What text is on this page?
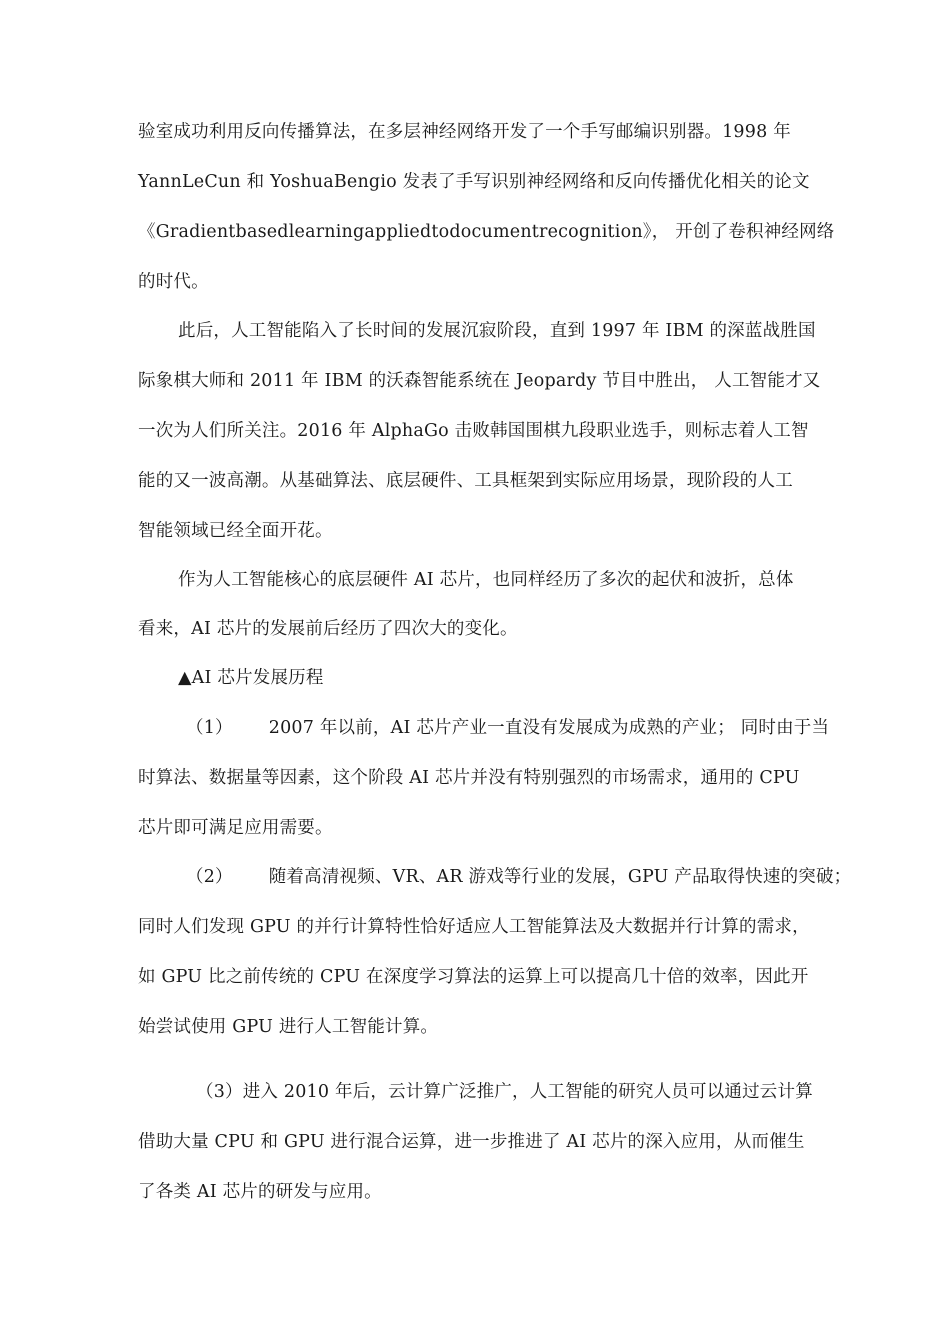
验室成功利用反向传播算法，在多层神经网络开发了一个手写邮编识别器。1998 年
YannLeCun 和 YoshuaBengio 发表了手写识别神经网络和反向传播优化相关的论文
《Gradientbasedlearningappliedtodocumentrecognition》， 开创了卷积神经网络
的时代。
此后，人工智能陷入了长时间的发展沉寂阶段，直到 1997 年 IBM 的深蓝战胜国
际象棋大师和 2011 年 IBM 的沃森智能系统在 Jeopardy 节目中胜出， 人工智能才又
一次为人们所关注。2016 年 AlphaGo 击败韩国围棋九段职业选手，则标志着人工智
能的又一波高潮。从基础算法、底层硬件、工具框架到实际应用场景，现阶段的人工
智能领域已经全面开花。
作为人工智能核心的底层硬件 AI 芯片，也同样经历了多次的起伏和波折，总体
看来，AI 芯片的发展前后经历了四次大的变化。
▲AI 芯片发展历程
（1） 2007 年以前，AI 芯片产业一直没有发展成为成熟的产业； 同时由于当
时算法、数据量等因素，这个阶段 AI 芯片并没有特别强烈的市场需求，通用的 CPU
芯片即可满足应用需要。
（2） 随着高清视频、VR、AR 游戏等行业的发展，GPU 产品取得快速的突破；
同时人们发现 GPU 的并行计算特性恰好适应人工智能算法及大数据并行计算的需求，
如 GPU 比之前传统的 CPU 在深度学习算法的运算上可以提高几十倍的效率，因此开
始尝试使用 GPU 进行人工智能计算。
（3）进入 2010 年后，云计算广泛推广，人工智能的研究人员可以通过云计算
借助大量 CPU 和 GPU 进行混合运算，进一步推进了 AI 芯片的深入应用，从而催生
了各类 AI 芯片的研发与应用。
